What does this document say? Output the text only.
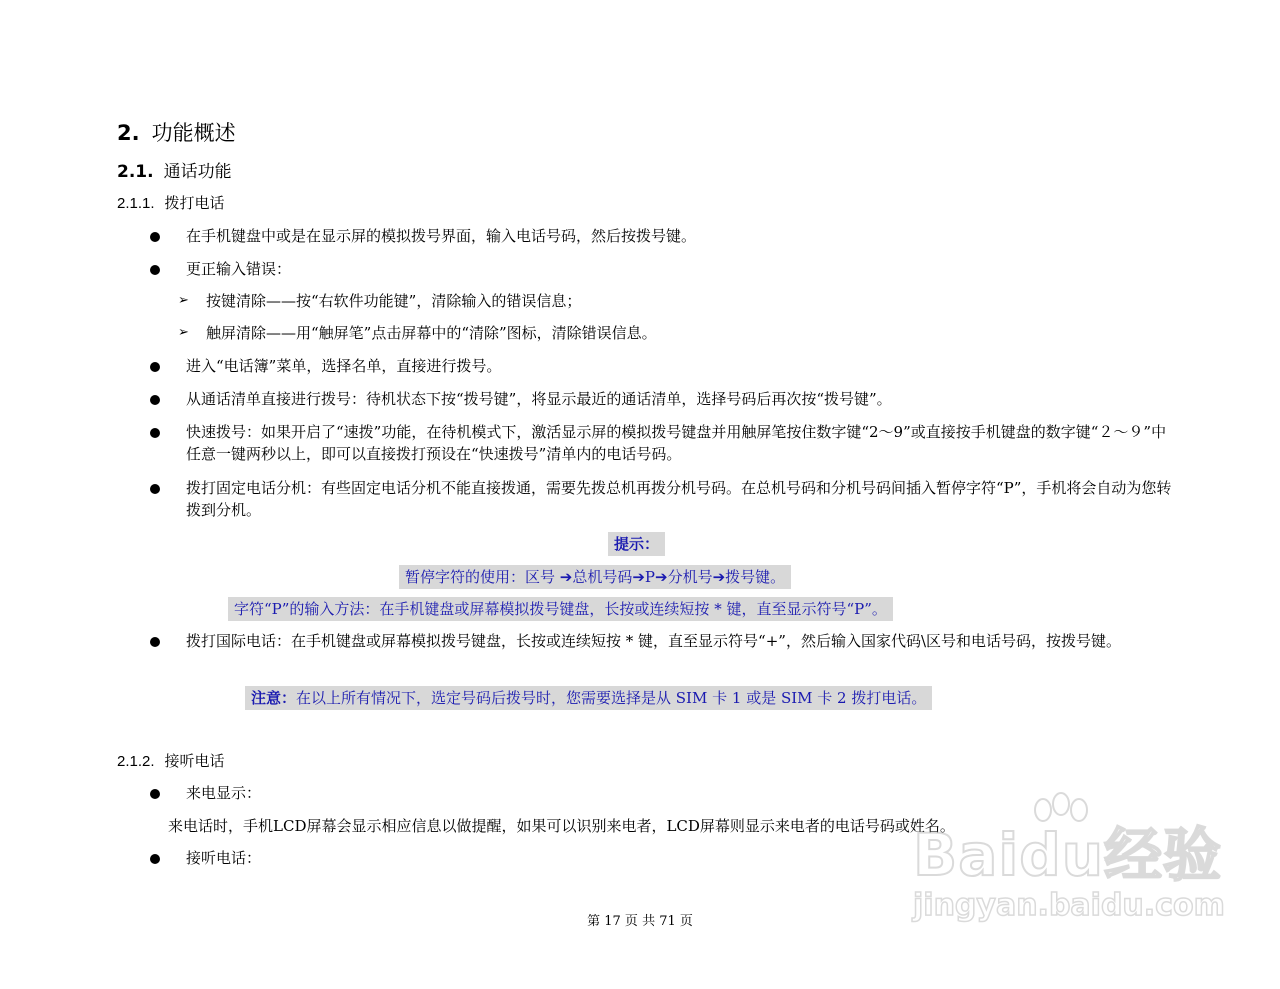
2. 功能概述
2.1. 通话功能
2.1.1. 拨打电话
在手机键盘中或是在显示屏的模拟拨号界面，输入电话号码，然后按拨号键。
更正输入错误：
➢ 按键清除——按“右软件功能键”，清除输入的错误信息；
➢ 触屏清除——用“触屏笔”点击屏幕中的“清除”图标，清除错误信息。
进入“电话簿”菜单，选择名单，直接进行拨号。
从通话清单直接进行拨号：待机状态下按“拨号键”，将显示最近的通话清单，选择号码后再次按“拨号键”。
快速拨号：如果开启了“速拨”功能，在待机模式下，激活显示屏的模拟拨号键盘并用触屏笔按住数字键“2～9”或直接按手机键盘的数字键“２～９”中任意一键两秒以上，即可以直接拨打预设在“快速拨号”清单内的电话号码。
拨打固定电话分机：有些固定电话分机不能直接拨通，需要先拨总机再拨分机号码。在总机号码和分机号码间插入暂停字符“P”，手机将会自动为您转拨到分机。
提示：
暂停字符的使用：区号 ➔总机号码➔P➔分机号➔拨号键。
字符“P”的输入方法：在手机键盘或屏幕模拟拨号键盘，长按或连续短按 * 键，直至显示符号“P”。
拨打国际电话：在手机键盘或屏幕模拟拨号键盘，长按或连续短按 * 键，直至显示符号“+”，然后输入国家代码\区号和电话号码，按拨号键。
注意：在以上所有情况下，选定号码后拨号时，您需要选择是从 SIM 卡 1 或是 SIM 卡 2 拨打电话。
2.1.2. 接听电话
来电显示：
来电话时，手机LCD屏幕会显示相应信息以做提醒，如果可以识别来电者，LCD屏幕则显示来电者的电话号码或姓名。
接听电话：
第 17 页 共 71 页
Baidu经验
jingyan.baidu.com
